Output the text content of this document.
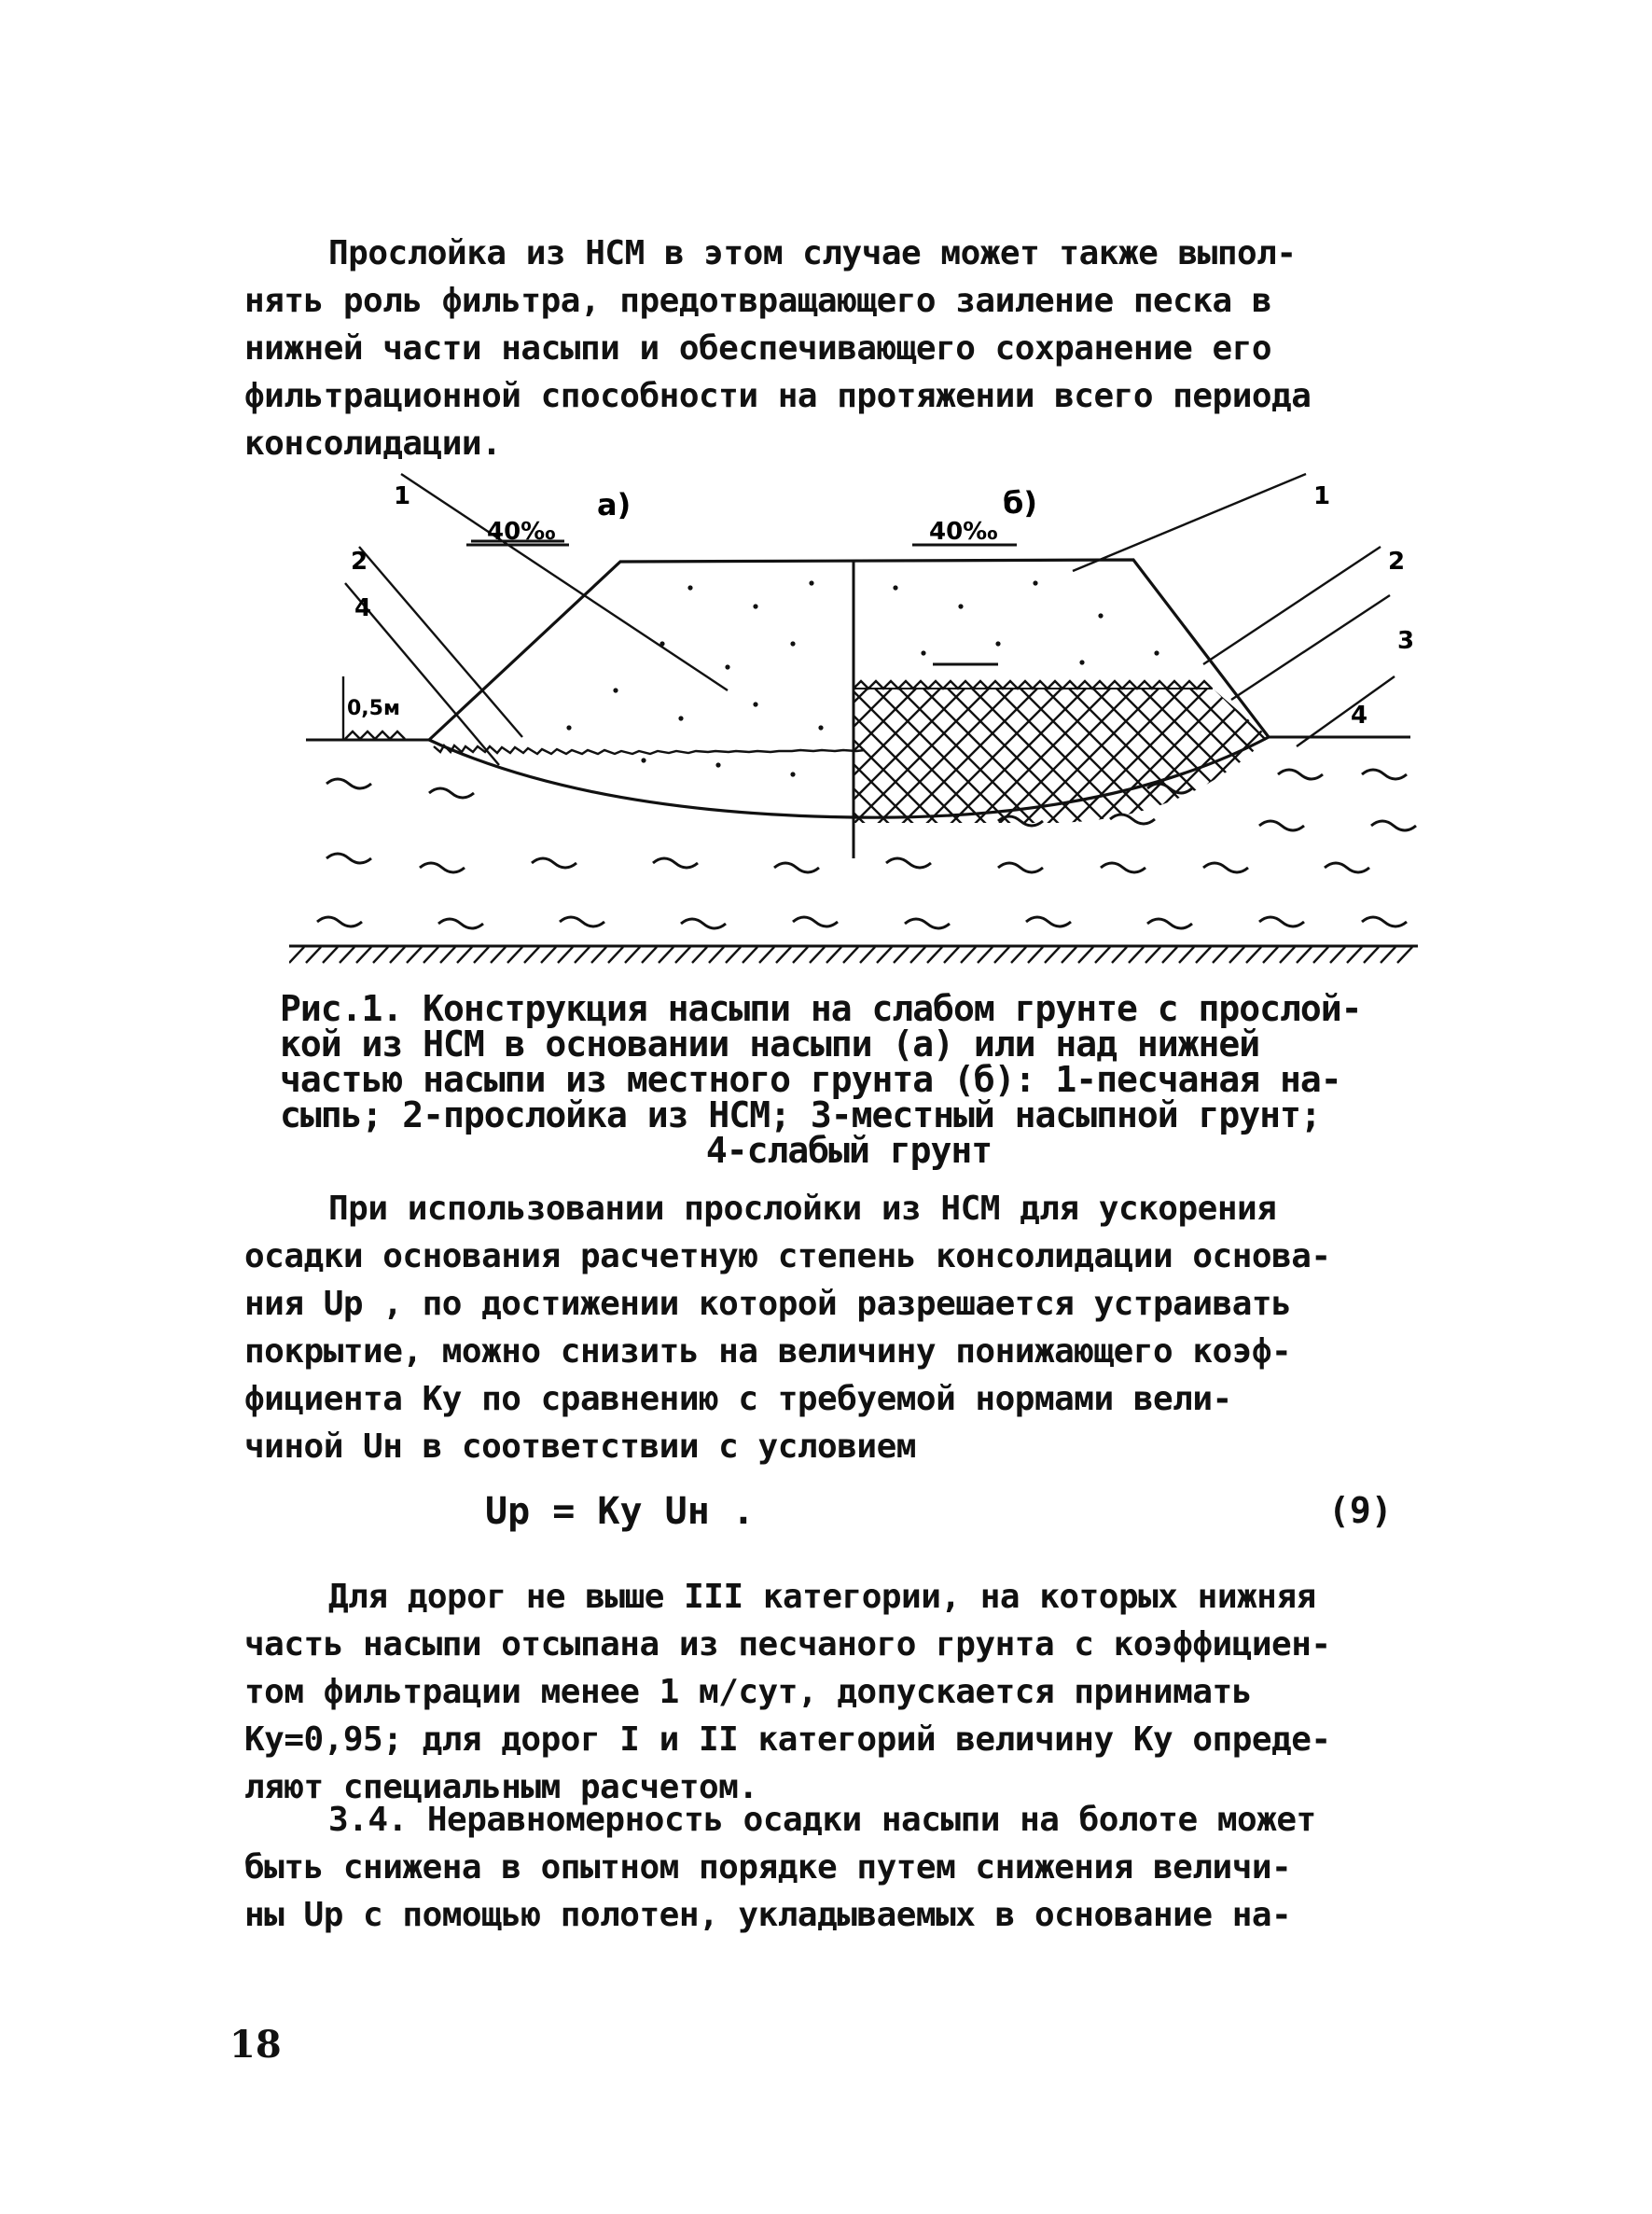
Прослойка из НСМ в этом случае может также выпол-
нять роль фильтра, предотвращающего заиление песка в
нижней части насыпи и обеспечивающего сохранение его
фильтрационной способности на протяжении всего периода
консолидации.
а)	б)
40‰	40‰
0,5м
1
2
4
1
2
3
4
Рис.1. Конструкция насыпи на слабом грунте с прослой-
кой из НСМ в основании насыпи (а) или над нижней
частью насыпи из местного грунта (б): 1-песчаная на-
сыпь; 2-прослойка из НСМ; 3-местный насыпной грунт;
4-слабый грунт
При использовании прослойки из НСМ для ускорения
осадки основания расчетную степень консолидации основа-
ния Up , по достижении которой разрешается устраивать
покрытие, можно снизить на величину понижающего коэф-
фициента Ky по сравнению с требуемой нормами вели-
чиной Uн в соответствии с условием
Up = Ky Uн .	(9)
Для дорог не выше III категории, на которых нижняя
часть насыпи отсыпана из песчаного грунта с коэффициен-
том фильтрации менее 1 м/сут, допускается принимать
Ky=0,95; для дорог I и II категорий величину Ky опреде-
ляют специальным расчетом.
3.4. Неравномерность осадки насыпи на болоте может
быть снижена в опытном порядке путем снижения величи-
ны Up с помощью полотен, укладываемых в основание на-
18
